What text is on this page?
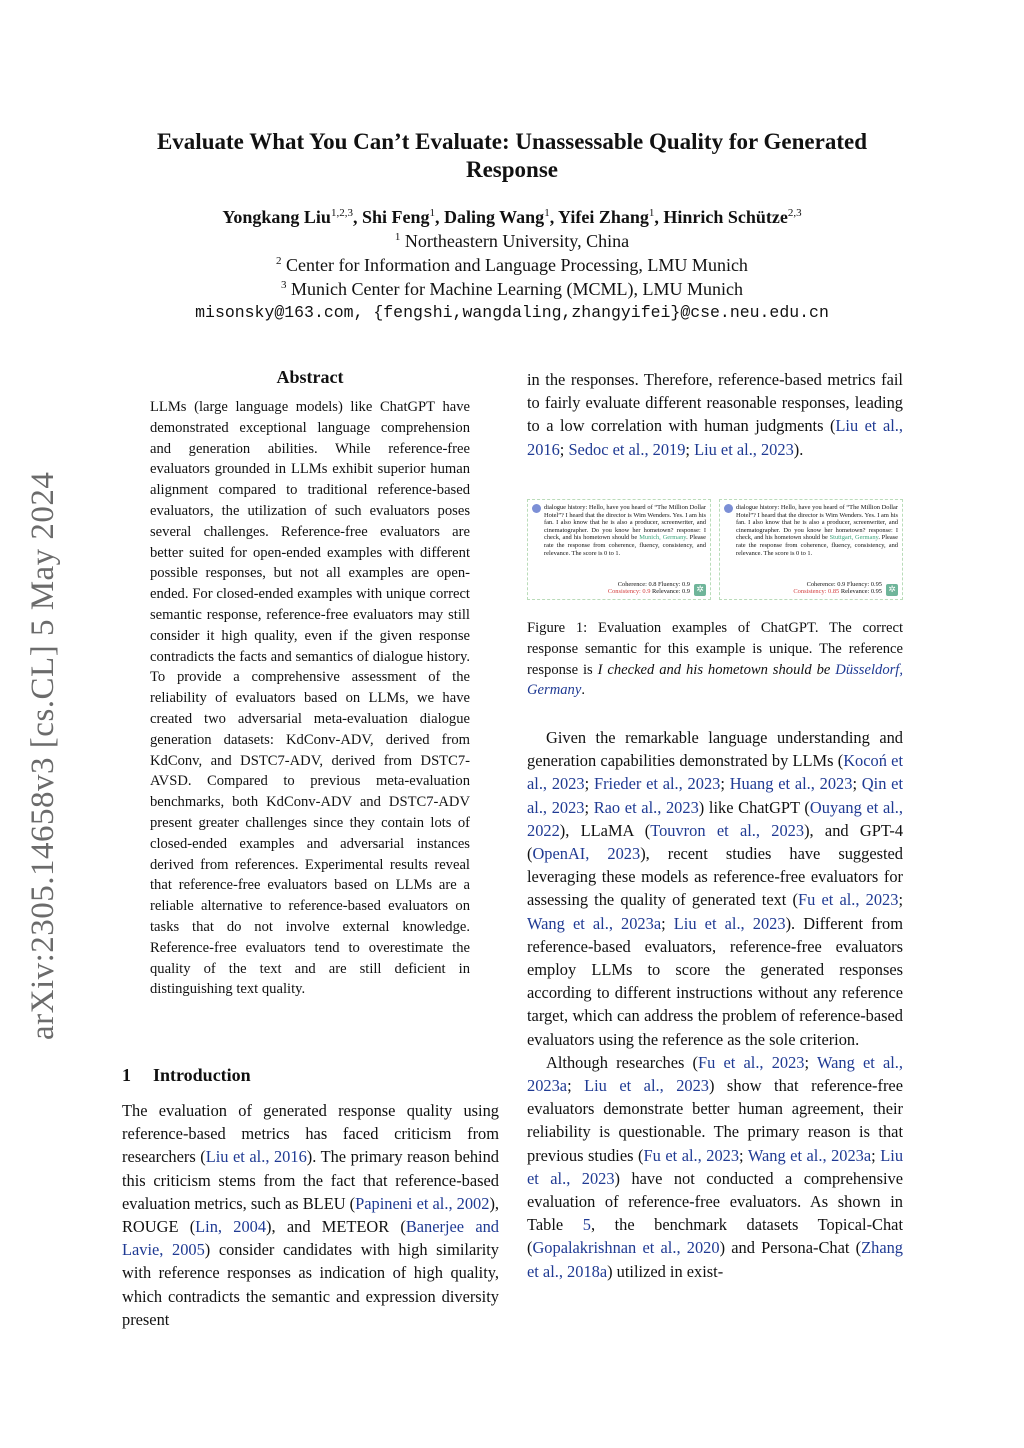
arXiv:2305.14658v3 [cs.CL] 5 May 2024
Evaluate What You Can’t Evaluate: Unassessable Quality for Generated Response
Yongkang Liu$^{1,2,3}$, Shi Feng$^1$, Daling Wang$^1$, Yifei Zhang$^1$, Hinrich Schütze$^{2,3}$
$^1$ Northeastern University, China
$^2$ Center for Information and Language Processing, LMU Munich
$^3$ Munich Center for Machine Learning (MCML), LMU Munich
misonsky@163.com, {fengshi,wangdaling,zhangyifei}@cse.neu.edu.cn
Abstract
LLMs (large language models) like ChatGPT have demonstrated exceptional language comprehension and generation abilities. While reference-free evaluators grounded in LLMs exhibit superior human alignment compared to traditional reference-based evaluators, the utilization of such evaluators poses several challenges. Reference-free evaluators are better suited for open-ended examples with different possible responses, but not all examples are open-ended. For closed-ended examples with unique correct semantic response, reference-free evaluators may still consider it high quality, even if the given response contradicts the facts and semantics of dialogue history. To provide a comprehensive assessment of the reliability of evaluators based on LLMs, we have created two adversarial meta-evaluation dialogue generation datasets: KdConv-ADV, derived from KdConv, and DSTC7-ADV, derived from DSTC7-AVSD. Compared to previous meta-evaluation benchmarks, both KdConv-ADV and DSTC7-ADV present greater challenges since they contain lots of closed-ended examples and adversarial instances derived from references. Experimental results reveal that reference-free evaluators based on LLMs are a reliable alternative to reference-based evaluators on tasks that do not involve external knowledge. Reference-free evaluators tend to overestimate the quality of the text and are still deficient in distinguishing text quality.
1 Introduction
The evaluation of generated response quality using reference-based metrics has faced criticism from researchers (Liu et al., 2016). The primary reason behind this criticism stems from the fact that reference-based evaluation metrics, such as BLEU (Papineni et al., 2002), ROUGE (Lin, 2004), and METEOR (Banerjee and Lavie, 2005) consider candidates with high similarity with reference responses as indication of high quality, which contradicts the semantic and expression diversity present
in the responses. Therefore, reference-based metrics fail to fairly evaluate different reasonable responses, leading to a low correlation with human judgments (Liu et al., 2016; Sedoc et al., 2019; Liu et al., 2023).
dialogue history: Hello, have you heard of “The Million Dollar Hotel”? I heard that the director is Wim Wenders. Yes. I am his fan. I also know that he is also a producer, screenwriter, and cinematographer. Do you know her hometown? response: I check, and his hometown should be Munich, Germany. Please rate the response from coherence, fluency, consistency, and relevance. The score is 0 to 1.
Coherence: 0.8 Fluency: 0.9
Consistency: 0.9 Relevance: 0.9 ✲
dialogue history: Hello, have you heard of “The Million Dollar Hotel”? I heard that the director is Wim Wenders. Yes. I am his fan. I also know that he is also a producer, screenwriter, and cinematographer. Do you know her hometown? response: I check, and his hometown should be Stuttgart, Germany. Please rate the response from coherence, fluency, consistency, and relevance. The score is 0 to 1.
Coherence: 0.9 Fluency: 0.95
Consistency: 0.85 Relevance: 0.95 ✲
Figure 1: Evaluation examples of ChatGPT. The correct response semantic for this example is unique. The reference response is I checked and his hometown should be Düsseldorf, Germany.

Given the remarkable language understanding and generation capabilities demonstrated by LLMs (Kocoń et al., 2023; Frieder et al., 2023; Huang et al., 2023; Qin et al., 2023; Rao et al., 2023) like ChatGPT (Ouyang et al., 2022), LLaMA (Touvron et al., 2023), and GPT-4 (OpenAI, 2023), recent studies have suggested leveraging these models as reference-free evaluators for assessing the quality of generated text (Fu et al., 2023; Wang et al., 2023a; Liu et al., 2023). Different from reference-based evaluators, reference-free evaluators employ LLMs to score the generated responses according to different instructions without any reference target, which can address the problem of reference-based evaluators using the reference as the sole criterion.

Although researches (Fu et al., 2023; Wang et al., 2023a; Liu et al., 2023) show that reference-free evaluators demonstrate better human agreement, their reliability is questionable. The primary reason is that previous studies (Fu et al., 2023; Wang et al., 2023a; Liu et al., 2023) have not conducted a comprehensive evaluation of reference-free evaluators. As shown in Table 5, the benchmark datasets Topical-Chat (Gopalakrishnan et al., 2020) and Persona-Chat (Zhang et al., 2018a) utilized in exist-
